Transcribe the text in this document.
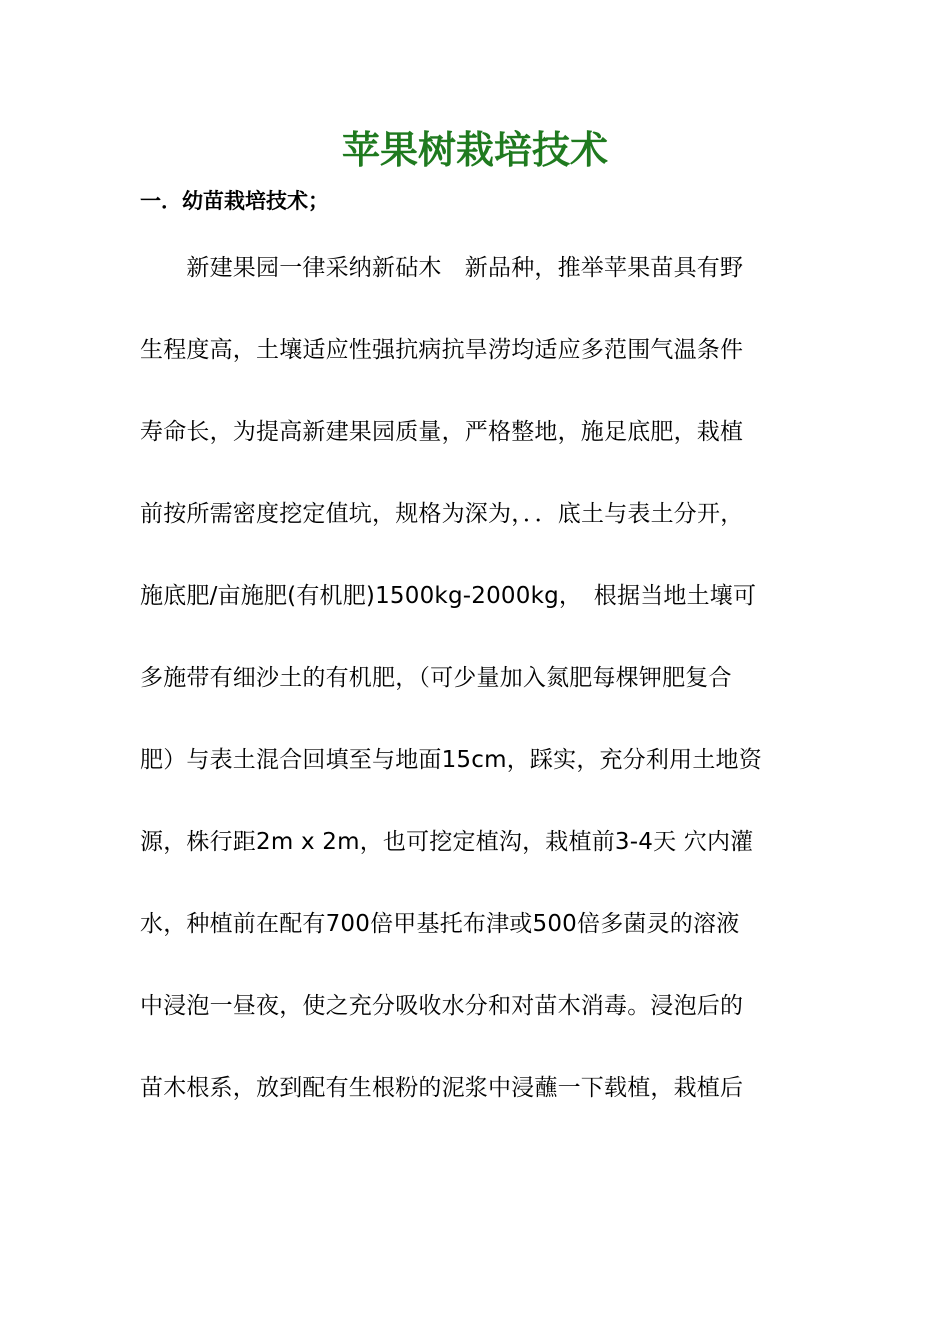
苹果树栽培技术
一．幼苗栽培技术；
　　新建果园一律采纳新砧木　新品种，推举苹果苗具有野
生程度高，土壤适应性强抗病抗旱涝均适应多范围气温条件
寿命长，为提高新建果园质量，严格整地，施足底肥，栽植
前按所需密度挖定值坑，规格为深为，．．底土与表土分开，
施底肥/亩施肥(有机肥)1500kg-2000kg，　根据当地土壤可
多施带有细沙土的有机肥，（可少量加入氮肥每棵钾肥复合
肥）与表土混合回填至与地面15cm，踩实，充分利用土地资
源，株行距2m x 2m，也可挖定植沟，栽植前3-4天 穴内灌
水，种植前在配有700倍甲基托布津或500倍多菌灵的溶液
中浸泡一昼夜，使之充分吸收水分和对苗木消毒。浸泡后的
苗木根系，放到配有生根粉的泥浆中浸蘸一下载植，栽植后
